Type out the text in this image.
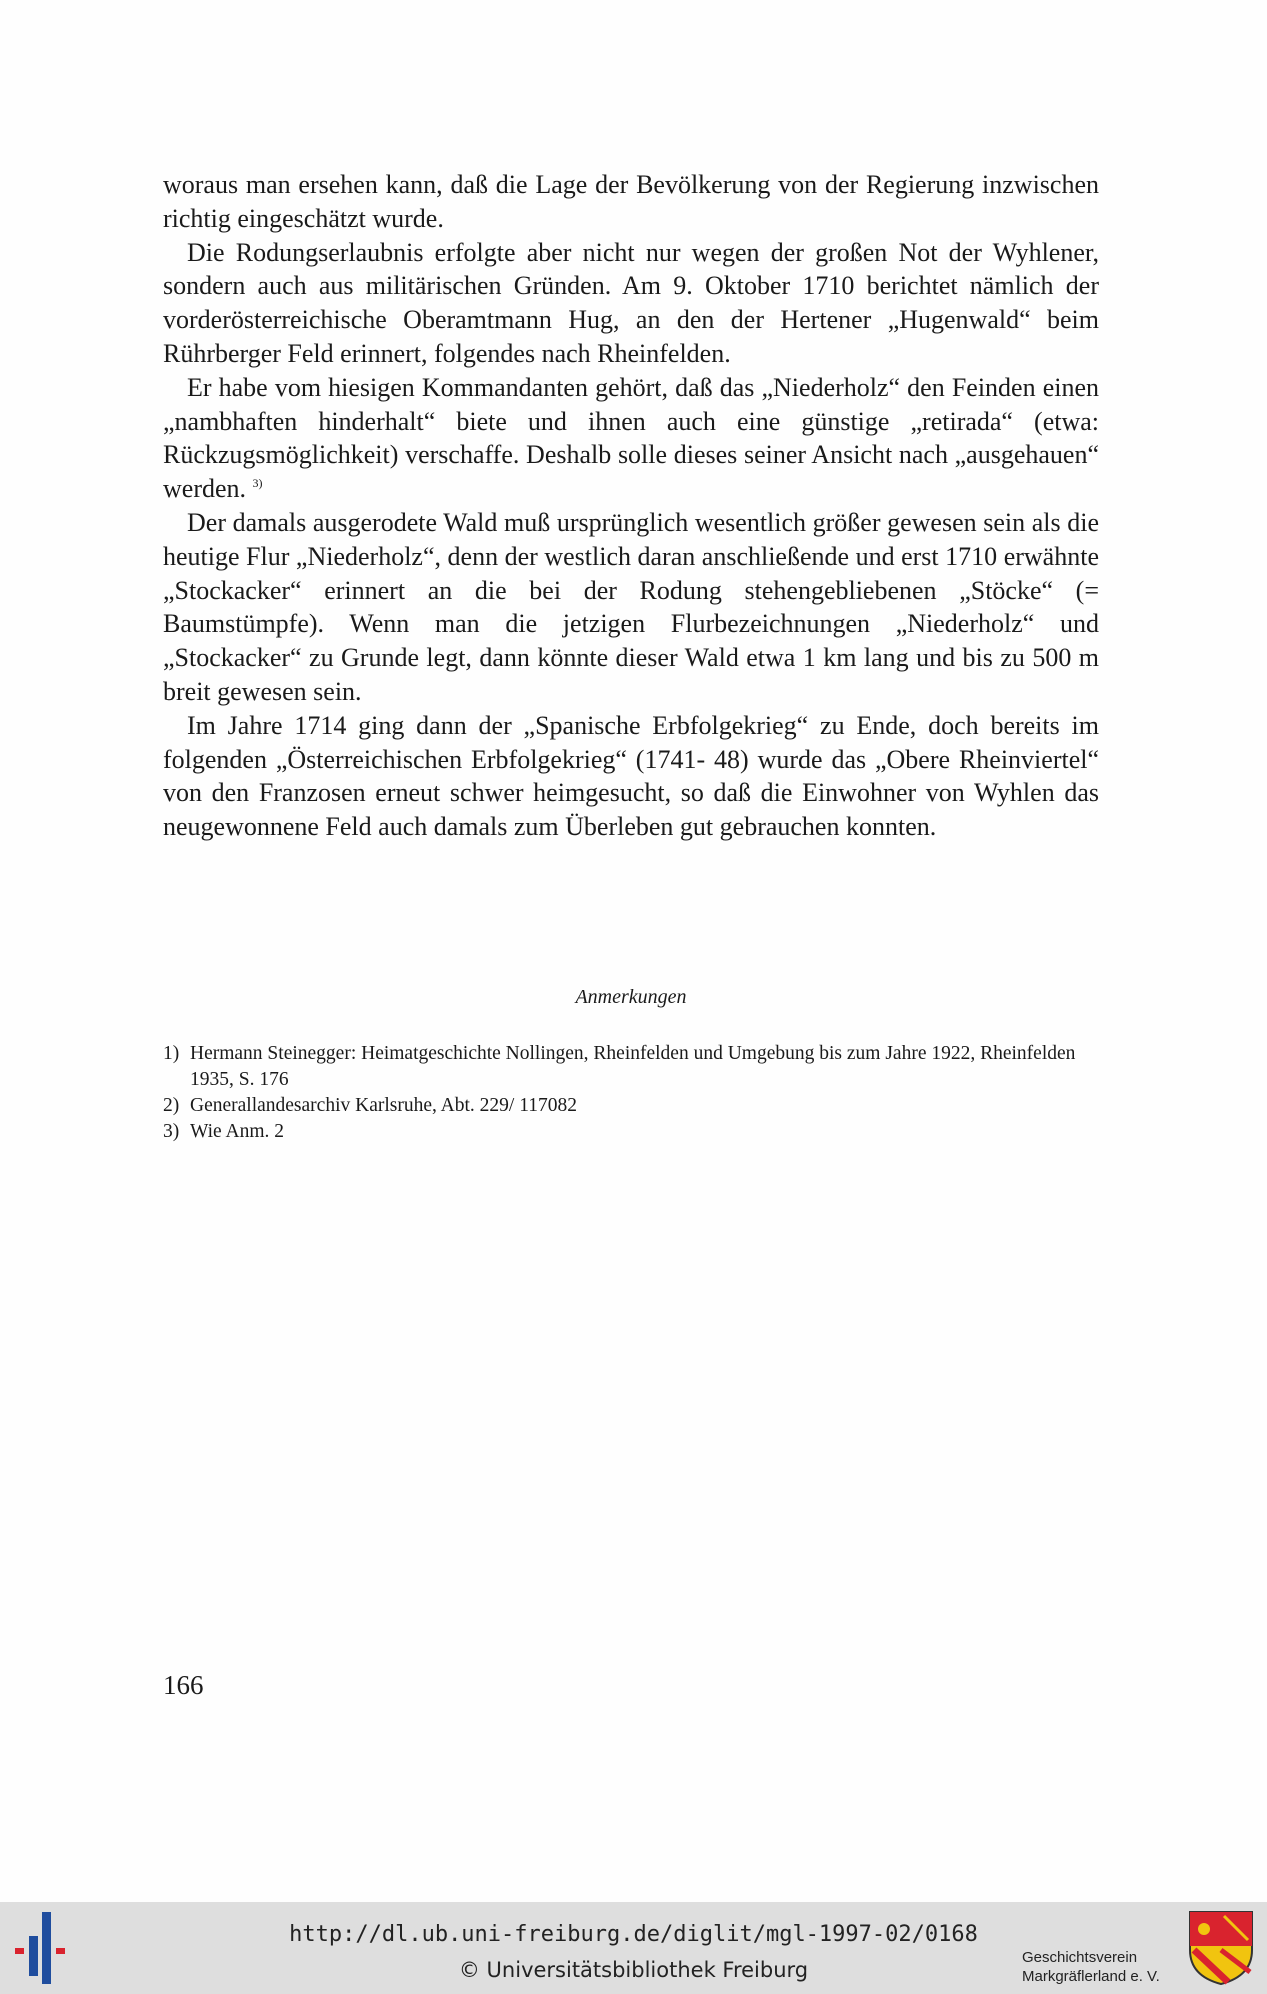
woraus man ersehen kann, daß die Lage der Bevölkerung von der Regierung inzwischen richtig eingeschätzt wurde.

Die Rodungserlaubnis erfolgte aber nicht nur wegen der großen Not der Wyhlener, sondern auch aus militärischen Gründen. Am 9. Oktober 1710 berichtet nämlich der vorderösterreichische Oberamtmann Hug, an den der Hertener „Hugenwald“ beim Rührberger Feld erinnert, folgendes nach Rheinfelden.

Er habe vom hiesigen Kommandanten gehört, daß das „Niederholz“ den Feinden einen „nambhaften hinderhalt“ biete und ihnen auch eine günstige „retirada“ (etwa: Rückzugsmöglichkeit) verschaffe. Deshalb solle dieses seiner Ansicht nach „ausgehauen“ werden. $^{3)}$

Der damals ausgerodete Wald muß ursprünglich wesentlich größer gewesen sein als die heutige Flur „Niederholz“, denn der westlich daran anschließende und erst 1710 erwähnte „Stockacker“ erinnert an die bei der Rodung stehengebliebenen „Stöcke“ (= Baumstümpfe). Wenn man die jetzigen Flurbezeichnungen „Niederholz“ und „Stockacker“ zu Grunde legt, dann könnte dieser Wald etwa 1 km lang und bis zu 500 m breit gewesen sein.

Im Jahre 1714 ging dann der „Spanische Erbfolgekrieg“ zu Ende, doch bereits im folgenden „Österreichischen Erbfolgekrieg“ (1741- 48) wurde das „Obere Rheinviertel“ von den Franzosen erneut schwer heimgesucht, so daß die Einwohner von Wyhlen das neugewonnene Feld auch damals zum Überleben gut gebrauchen konnten.

Anmerkungen
1) Hermann Steinegger: Heimatgeschichte Nollingen, Rheinfelden und Umgebung bis zum Jahre 1922, Rheinfelden 1935, S. 176
2) Generallandesarchiv Karlsruhe, Abt. 229/ 117082
3) Wie Anm. 2
166
http://dl.ub.uni-freiburg.de/diglit/mgl-1997-02/0168
© Universitätsbibliothek Freiburg
Geschichtsverein
Markgräflerland e. V.
